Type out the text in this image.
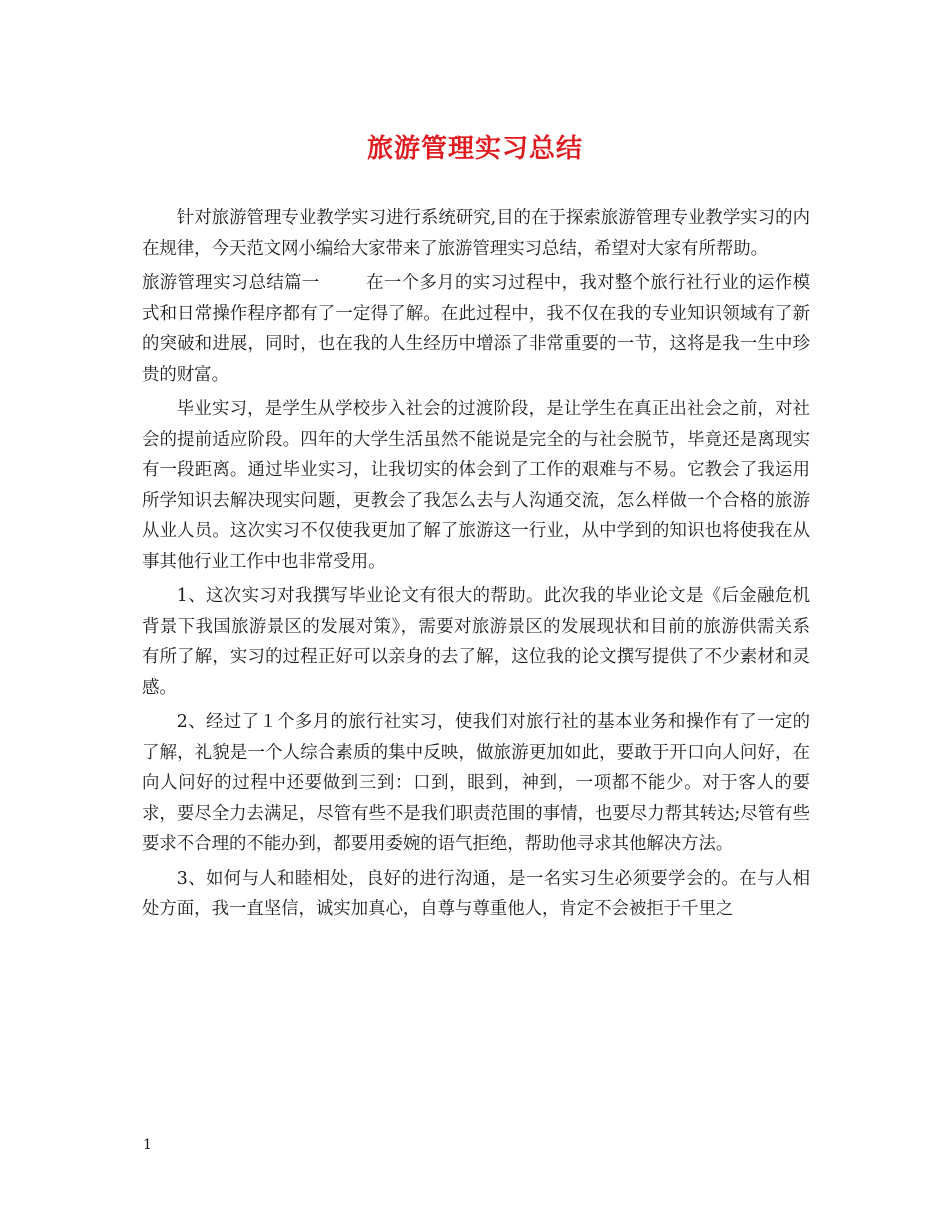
旅游管理实习总结

针对旅游管理专业教学实习进行系统研究,目的在于探索旅游管理专业教学实习的内在规律，今天范文网小编给大家带来了旅游管理实习总结，希望对大家有所帮助。

旅游管理实习总结篇一	在一个多月的实习过程中，我对整个旅行社行业的运作模式和日常操作程序都有了一定得了解。在此过程中，我不仅在我的专业知识领域有了新的突破和进展，同时，也在我的人生经历中增添了非常重要的一节，这将是我一生中珍贵的财富。

毕业实习，是学生从学校步入社会的过渡阶段，是让学生在真正出社会之前，对社会的提前适应阶段。四年的大学生活虽然不能说是完全的与社会脱节，毕竟还是离现实有一段距离。通过毕业实习，让我切实的体会到了工作的艰难与不易。它教会了我运用所学知识去解决现实问题，更教会了我怎么去与人沟通交流，怎么样做一个合格的旅游从业人员。这次实习不仅使我更加了解了旅游这一行业，从中学到的知识也将使我在从事其他行业工作中也非常受用。

1、这次实习对我撰写毕业论文有很大的帮助。此次我的毕业论文是《后金融危机背景下我国旅游景区的发展对策》，需要对旅游景区的发展现状和目前的旅游供需关系有所了解，实习的过程正好可以亲身的去了解，这位我的论文撰写提供了不少素材和灵感。

2、经过了１个多月的旅行社实习，使我们对旅行社的基本业务和操作有了一定的了解，礼貌是一个人综合素质的集中反映，做旅游更加如此，要敢于开口向人问好，在向人问好的过程中还要做到三到：口到，眼到，神到，一项都不能少。对于客人的要求，要尽全力去满足，尽管有些不是我们职责范围的事情，也要尽力帮其转达;尽管有些要求不合理的不能办到，都要用委婉的语气拒绝，帮助他寻求其他解决方法。

3、如何与人和睦相处，良好的进行沟通，是一名实习生必须要学会的。在与人相处方面，我一直坚信，诚实加真心，自尊与尊重他人，肯定不会被拒于千里之

1
